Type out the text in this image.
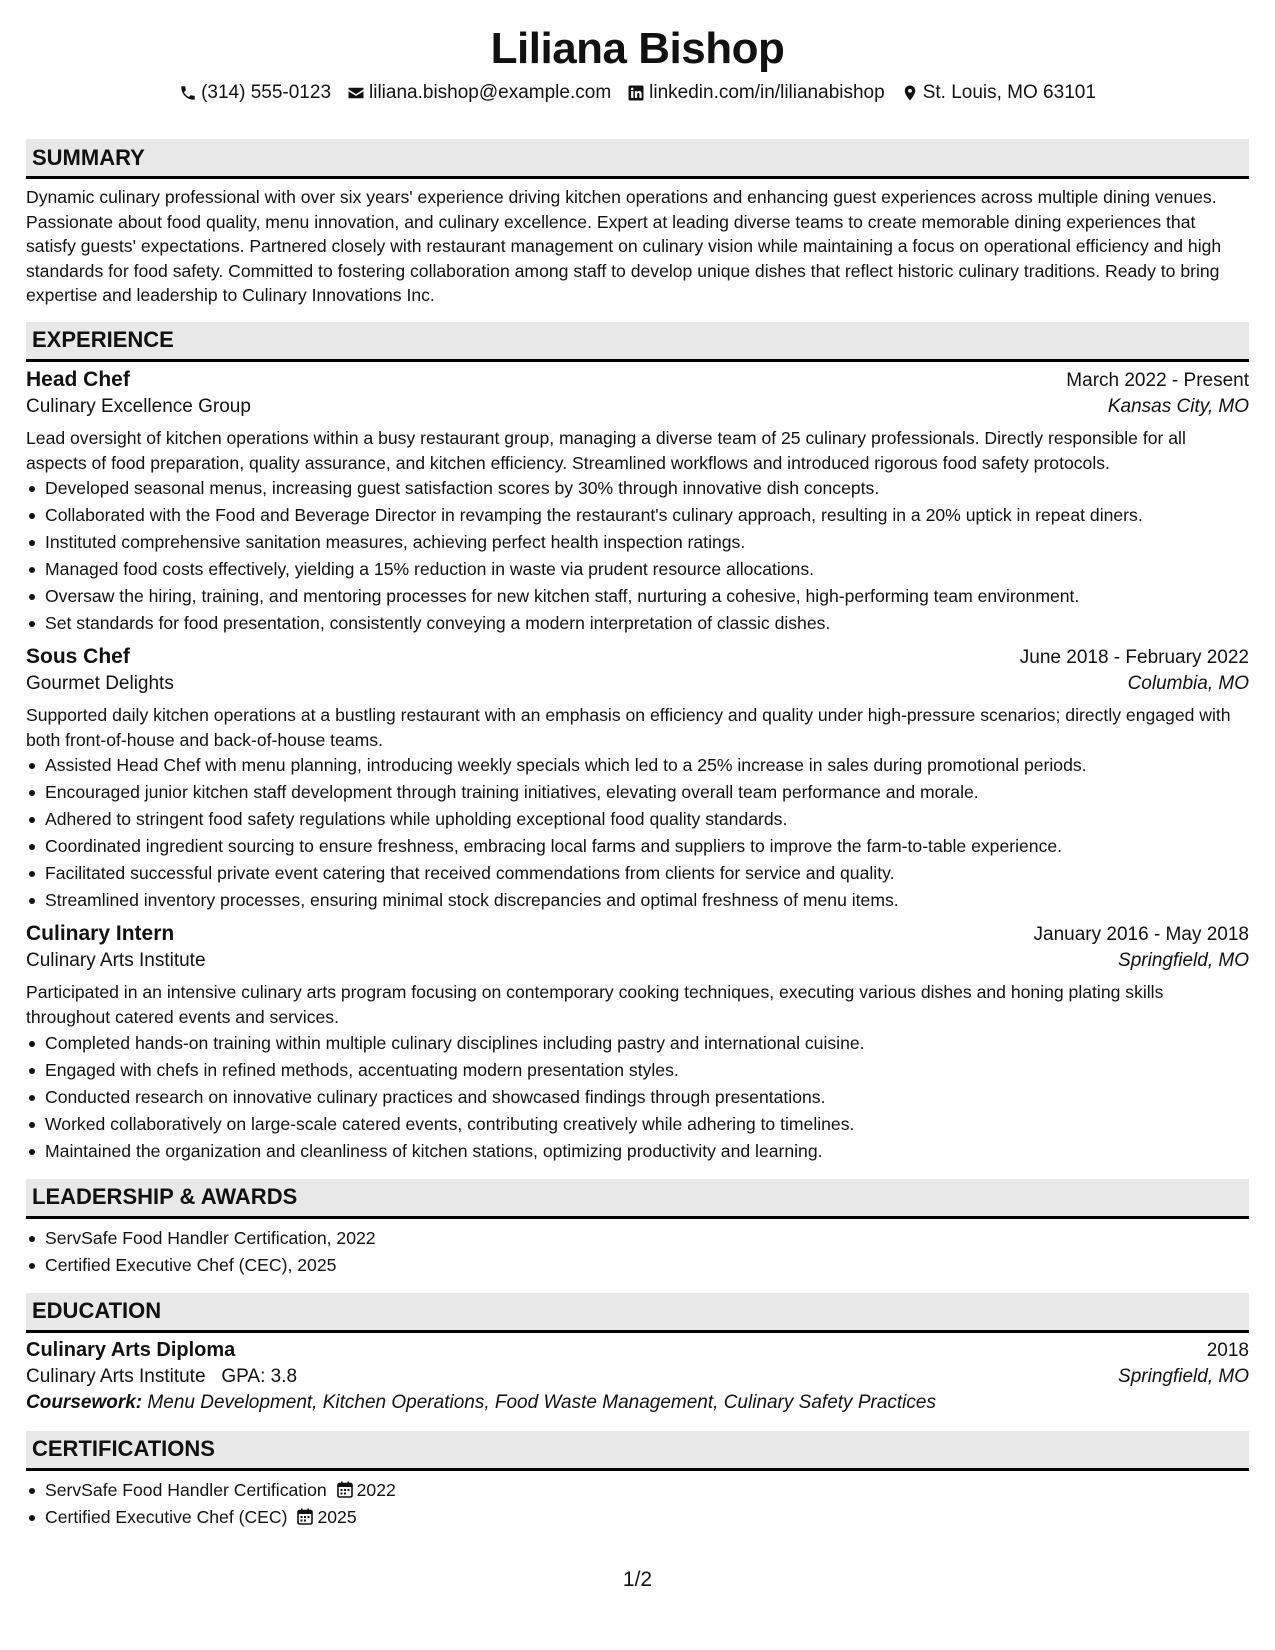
Liliana Bishop
(314) 555-0123 liliana.bishop@example.com linkedin.com/in/lilianabishop St. Louis, MO 63101
SUMMARY
Dynamic culinary professional with over six years' experience driving kitchen operations and enhancing guest experiences across multiple dining venues. Passionate about food quality, menu innovation, and culinary excellence. Expert at leading diverse teams to create memorable dining experiences that satisfy guests' expectations. Partnered closely with restaurant management on culinary vision while maintaining a focus on operational efficiency and high standards for food safety. Committed to fostering collaboration among staff to develop unique dishes that reflect historic culinary traditions. Ready to bring expertise and leadership to Culinary Innovations Inc.
EXPERIENCE
Head Chef	March 2022 - Present
Culinary Excellence Group	Kansas City, MO
Lead oversight of kitchen operations within a busy restaurant group, managing a diverse team of 25 culinary professionals. Directly responsible for all aspects of food preparation, quality assurance, and kitchen efficiency. Streamlined workflows and introduced rigorous food safety protocols.
Developed seasonal menus, increasing guest satisfaction scores by 30% through innovative dish concepts.
Collaborated with the Food and Beverage Director in revamping the restaurant's culinary approach, resulting in a 20% uptick in repeat diners.
Instituted comprehensive sanitation measures, achieving perfect health inspection ratings.
Managed food costs effectively, yielding a 15% reduction in waste via prudent resource allocations.
Oversaw the hiring, training, and mentoring processes for new kitchen staff, nurturing a cohesive, high-performing team environment.
Set standards for food presentation, consistently conveying a modern interpretation of classic dishes.
Sous Chef	June 2018 - February 2022
Gourmet Delights	Columbia, MO
Supported daily kitchen operations at a bustling restaurant with an emphasis on efficiency and quality under high-pressure scenarios; directly engaged with both front-of-house and back-of-house teams.
Assisted Head Chef with menu planning, introducing weekly specials which led to a 25% increase in sales during promotional periods.
Encouraged junior kitchen staff development through training initiatives, elevating overall team performance and morale.
Adhered to stringent food safety regulations while upholding exceptional food quality standards.
Coordinated ingredient sourcing to ensure freshness, embracing local farms and suppliers to improve the farm-to-table experience.
Facilitated successful private event catering that received commendations from clients for service and quality.
Streamlined inventory processes, ensuring minimal stock discrepancies and optimal freshness of menu items.
Culinary Intern	January 2016 - May 2018
Culinary Arts Institute	Springfield, MO
Participated in an intensive culinary arts program focusing on contemporary cooking techniques, executing various dishes and honing plating skills throughout catered events and services.
Completed hands-on training within multiple culinary disciplines including pastry and international cuisine.
Engaged with chefs in refined methods, accentuating modern presentation styles.
Conducted research on innovative culinary practices and showcased findings through presentations.
Worked collaboratively on large-scale catered events, contributing creatively while adhering to timelines.
Maintained the organization and cleanliness of kitchen stations, optimizing productivity and learning.
LEADERSHIP & AWARDS
ServSafe Food Handler Certification, 2022
Certified Executive Chef (CEC), 2025
EDUCATION
Culinary Arts Diploma	2018
Culinary Arts Institute GPA: 3.8	Springfield, MO
Coursework: Menu Development, Kitchen Operations, Food Waste Management, Culinary Safety Practices
CERTIFICATIONS
ServSafe Food Handler Certification 2022
Certified Executive Chef (CEC) 2025
1/2
